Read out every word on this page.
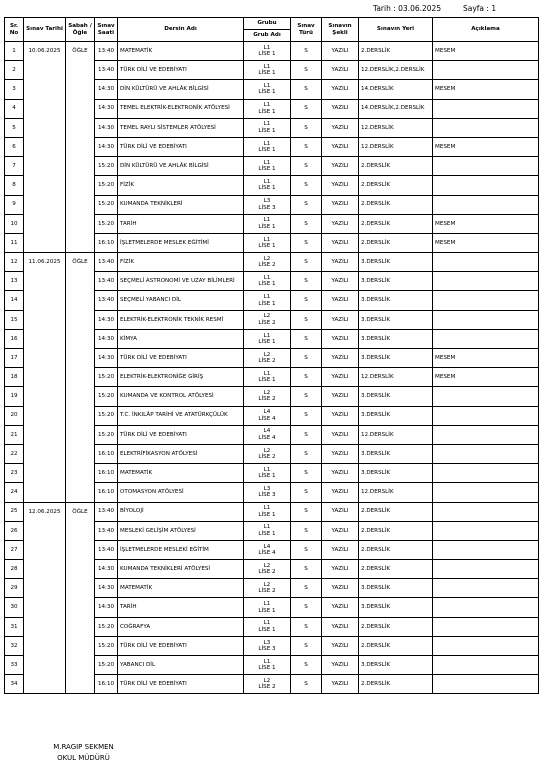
Tarih : 03.06.2025	Sayfa : 1
Sr. No	Sınav Tarihi	Sabah / Öğle	Sınav Saati	Dersin Adı	Grubu	Sınav Türü	Sınavın Şekli	Sınavın Yeri	Açıklama
					Grub Adı				
1	10.06.2025	ÖĞLE	13:40	MATEMATİK	L1
LİSE 1	S	YAZILI	2.DERSLİK	MESEM
2			13:40	TÜRK DİLİ VE EDEBİYATI	L1
LİSE 1	S	YAZILI	12.DERSLİK,2.DERSLİK	
3			14:30	DİN KÜLTÜRÜ VE AHLÂK BİLGİSİ	L1
LİSE 1	S	YAZILI	14.DERSLİK	MESEM
4			14:30	TEMEL ELEKTRİK-ELEKTRONİK ATÖLYESİ	L1
LİSE 1	S	YAZILI	14.DERSLİK,2.DERSLİK	
5			14:30	TEMEL RAYLI SİSTEMLER ATÖLYESİ	L1
LİSE 1	S	YAZILI	12.DERSLİK	
6			14:30	TÜRK DİLİ VE EDEBİYATI	L1
LİSE 1	S	YAZILI	12.DERSLİK	MESEM
7			15:20	DİN KÜLTÜRÜ VE AHLÂK BİLGİSİ	L1
LİSE 1	S	YAZILI	2.DERSLİK	
8			15:20	FİZİK	L1
LİSE 1	S	YAZILI	2.DERSLİK	
9			15:20	KUMANDA TEKNİKLERİ	L3
LİSE 3	S	YAZILI	2.DERSLİK	
10			15:20	TARİH	L1
LİSE 1	S	YAZILI	2.DERSLİK	MESEM
11			16:10	İŞLETMELERDE MESLEK EĞİTİMİ	L1
LİSE 1	S	YAZILI	2.DERSLİK	MESEM
12	11.06.2025	ÖĞLE	13:40	FİZİK	L2
LİSE 2	S	YAZILI	3.DERSLİK	
13			13:40	SEÇMELİ ASTRONOMİ VE UZAY BİLİMLERİ	L1
LİSE 1	S	YAZILI	3.DERSLİK	
14			13:40	SEÇMELİ YABANCI DİL	L1
LİSE 1	S	YAZILI	3.DERSLİK	
15			14:30	ELEKTRİK-ELEKTRONİK TEKNİK RESMİ	L2
LİSE 2	S	YAZILI	3.DERSLİK	
16			14:30	KİMYA	L1
LİSE 1	S	YAZILI	3.DERSLİK	
17			14:30	TÜRK DİLİ VE EDEBİYATI	L2
LİSE 2	S	YAZILI	3.DERSLİK	MESEM
18			15:20	ELEKTRİK-ELEKTRONİĞE GİRİŞ	L1
LİSE 1	S	YAZILI	12.DERSLİK	MESEM
19			15:20	KUMANDA VE KONTROL ATÖLYESİ	L2
LİSE 2	S	YAZILI	3.DERSLİK	
20			15:20	T.C. İNKILÂP TARİHİ VE ATATÜRKÇÜLÜK	L4
LİSE 4	S	YAZILI	3.DERSLİK	
21			15:20	TÜRK DİLİ VE EDEBİYATI	L4
LİSE 4	S	YAZILI	12.DERSLİK	
22			16:10	ELEKTRİFİKASYON ATÖLYESİ	L2
LİSE 2	S	YAZILI	3.DERSLİK	
23			16:10	MATEMATİK	L1
LİSE 1	S	YAZILI	3.DERSLİK	
24			16:10	OTOMASYON ATÖLYESİ	L3
LİSE 3	S	YAZILI	12.DERSLİK	
25	12.06.2025	ÖĞLE	13:40	BİYOLOJİ	L1
LİSE 1	S	YAZILI	2.DERSLİK	
26			13:40	MESLEKİ GELİŞİM ATÖLYESİ	L1
LİSE 1	S	YAZILI	2.DERSLİK	
27			13:40	İŞLETMELERDE MESLEKİ EĞİTİM	L4
LİSE 4	S	YAZILI	2.DERSLİK	
28			14:30	KUMANDA TEKNİKLERİ ATÖLYESİ	L2
LİSE 2	S	YAZILI	2.DERSLİK	
29			14:30	MATEMATİK	L2
LİSE 2	S	YAZILI	3.DERSLİK	
30			14:30	TARİH	L1
LİSE 1	S	YAZILI	3.DERSLİK	
31			15:20	COĞRAFYA	L1
LİSE 1	S	YAZILI	2.DERSLİK	
32			15:20	TÜRK DİLİ VE EDEBİYATI	L3
LİSE 3	S	YAZILI	2.DERSLİK	
33			15:20	YABANCI DİL	L1
LİSE 1	S	YAZILI	3.DERSLİK	
34			16:10	TÜRK DİLİ VE EDEBİYATI	L2
LİSE 2	S	YAZILI	2.DERSLİK	
M.RAGIP SEKMEN
OKUL MÜDÜRÜ
